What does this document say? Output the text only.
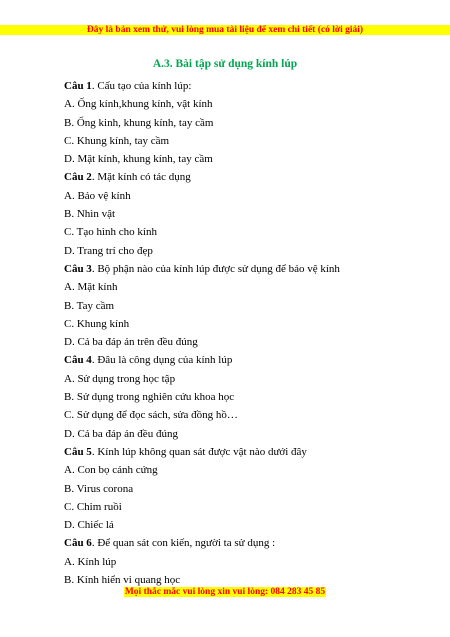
Đây là bản xem thử, vui lòng mua tài liệu để xem chi tiết (có lời giải)
A.3. Bài tập sử dụng kính lúp
Câu 1. Cấu tạo của kính lúp:
A. Ống kính,khung kính, vật kính
B. Ống kinh, khung kính, tay cầm
C. Khung kính, tay cầm
D. Mặt kính, khung kính, tay cầm
Câu 2. Mặt kính có tác dụng
A. Bảo vệ kính
B. Nhìn vật
C. Tạo hình cho kính
D. Trang trí cho đẹp
Câu 3. Bộ phận nào của kính lúp được sử dụng để bảo vệ kính
A. Mặt kính
B. Tay cầm
C. Khung kính
D. Cả ba đáp án trên đều đúng
Câu 4. Đâu là công dụng của kính lúp
A. Sử dụng trong học tập
B. Sử dụng trong nghiên cứu khoa học
C. Sử dụng để đọc sách, sửa đồng hồ…
D. Cả ba đáp án đều đúng
Câu 5. Kính lúp không quan sát được vật nào dưới đây
A. Con bọ cánh cứng
B. Virus corona
C. Chim ruồi
D. Chiếc lá
Câu 6. Để quan sát con kiến, người ta sử dụng :
A. Kính lúp
B. Kính hiển vi quang học
Mọi thắc mắc vui lòng xin vui lòng: 084 283 45 85
